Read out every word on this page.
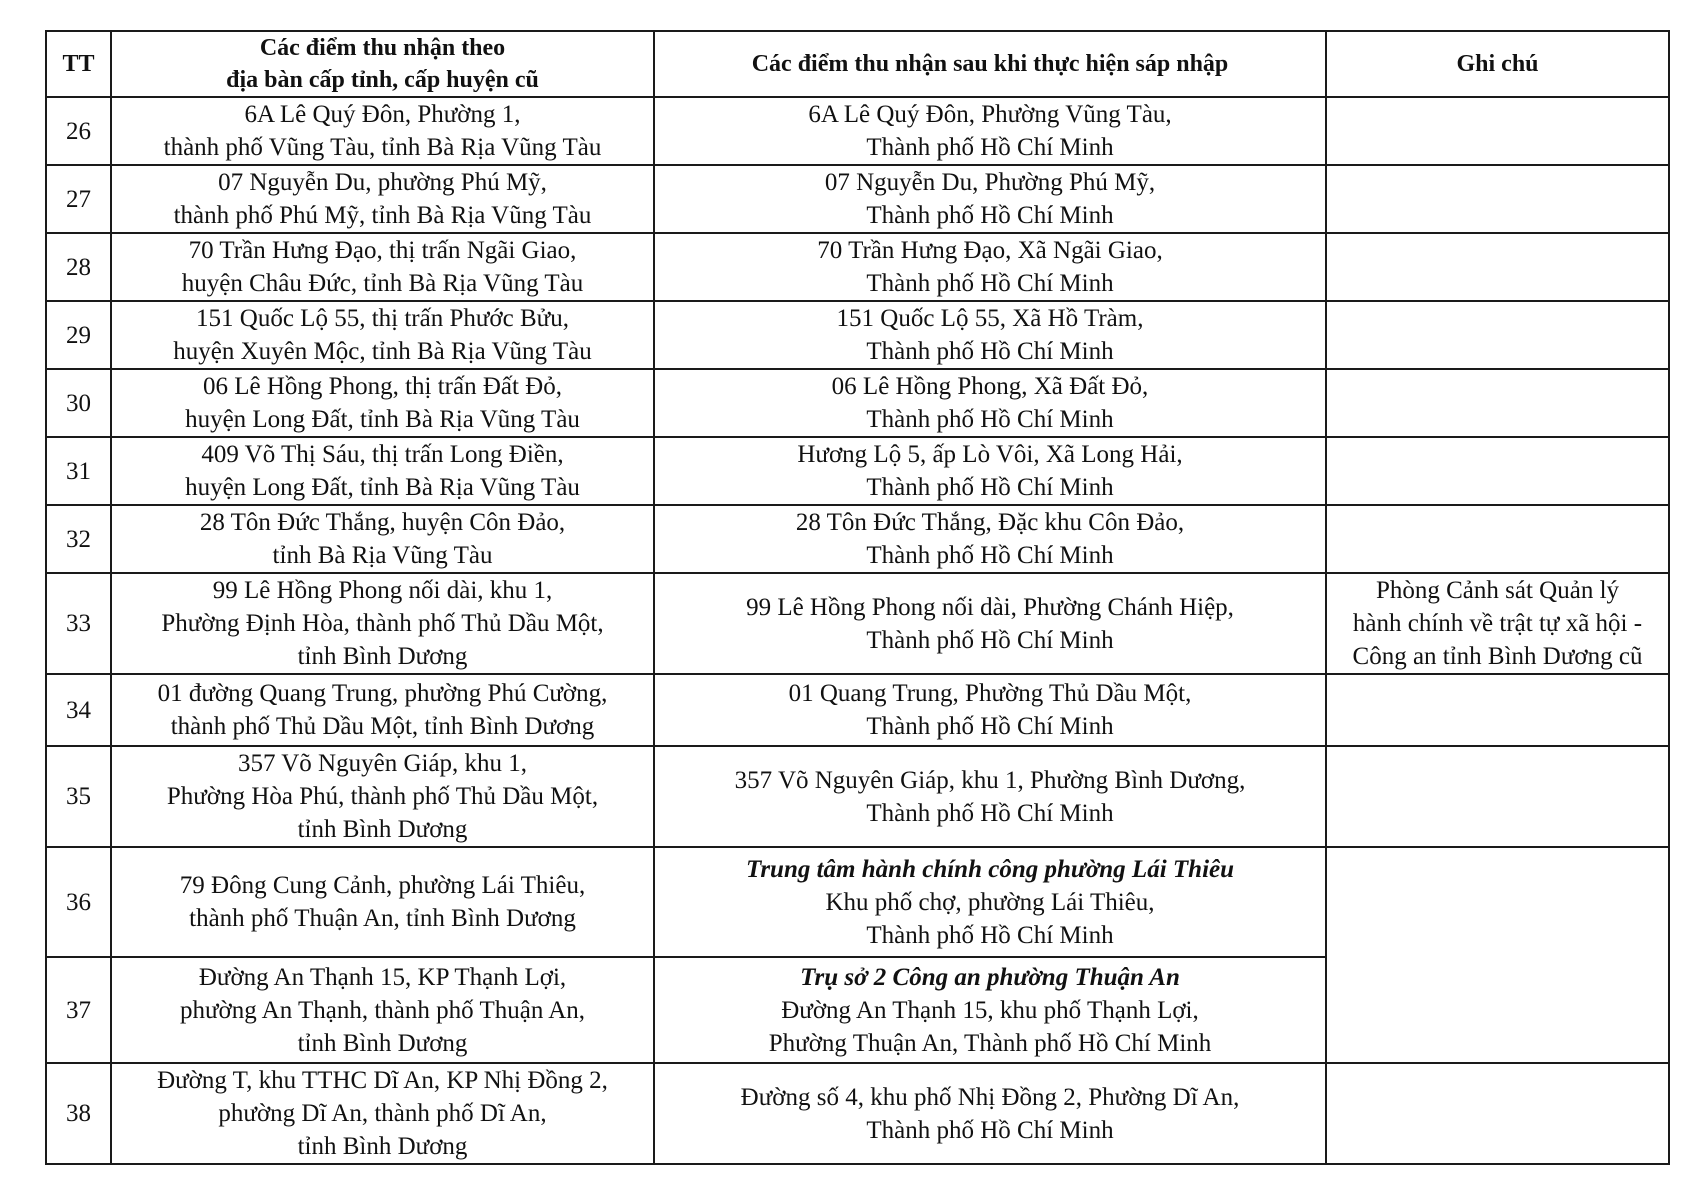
TT	Các điểm thu nhận theo
địa bàn cấp tỉnh, cấp huyện cũ	Các điểm thu nhận sau khi thực hiện sáp nhập	Ghi chú
26	6A Lê Quý Đôn, Phường 1,
thành phố Vũng Tàu, tỉnh Bà Rịa Vũng Tàu	6A Lê Quý Đôn, Phường Vũng Tàu,
Thành phố Hồ Chí Minh	

27	07 Nguyễn Du, phường Phú Mỹ,
thành phố Phú Mỹ, tỉnh Bà Rịa Vũng Tàu	07 Nguyễn Du, Phường Phú Mỹ,
Thành phố Hồ Chí Minh	

28	70 Trần Hưng Đạo, thị trấn Ngãi Giao,
huyện Châu Đức, tỉnh Bà Rịa Vũng Tàu	70 Trần Hưng Đạo, Xã Ngãi Giao,
Thành phố Hồ Chí Minh	

29	151 Quốc Lộ 55, thị trấn Phước Bửu,
huyện Xuyên Mộc, tỉnh Bà Rịa Vũng Tàu	151 Quốc Lộ 55, Xã Hồ Tràm,
Thành phố Hồ Chí Minh	

30	06 Lê Hồng Phong, thị trấn Đất Đỏ,
huyện Long Đất, tỉnh Bà Rịa Vũng Tàu	06 Lê Hồng Phong, Xã Đất Đỏ,
Thành phố Hồ Chí Minh	

31	409 Võ Thị Sáu, thị trấn Long Điền,
huyện Long Đất, tỉnh Bà Rịa Vũng Tàu	Hương Lộ 5, ấp Lò Vôi, Xã Long Hải,
Thành phố Hồ Chí Minh	

32	28 Tôn Đức Thắng, huyện Côn Đảo,
tỉnh Bà Rịa Vũng Tàu	28 Tôn Đức Thắng, Đặc khu Côn Đảo,
Thành phố Hồ Chí Minh	

33	99 Lê Hồng Phong nối dài, khu 1,
Phường Định Hòa, thành phố Thủ Dầu Một,
tỉnh Bình Dương	99 Lê Hồng Phong nối dài, Phường Chánh Hiệp,
Thành phố Hồ Chí Minh	Phòng Cảnh sát Quản lý
hành chính về trật tự xã hội -
Công an tỉnh Bình Dương cũ

34	01 đường Quang Trung, phường Phú Cường,
thành phố Thủ Dầu Một, tỉnh Bình Dương	01 Quang Trung, Phường Thủ Dầu Một,
Thành phố Hồ Chí Minh	

35	357 Võ Nguyên Giáp, khu 1,
Phường Hòa Phú, thành phố Thủ Dầu Một,
tỉnh Bình Dương	357 Võ Nguyên Giáp, khu 1, Phường Bình Dương,
Thành phố Hồ Chí Minh	

36	79 Đông Cung Cảnh, phường Lái Thiêu,
thành phố Thuận An, tỉnh Bình Dương	Trung tâm hành chính công phường Lái Thiêu
Khu phố chợ, phường Lái Thiêu,
Thành phố Hồ Chí Minh	

37	Đường An Thạnh 15, KP Thạnh Lợi,
phường An Thạnh, thành phố Thuận An,
tỉnh Bình Dương	Trụ sở 2 Công an phường Thuận An
Đường An Thạnh 15, khu phố Thạnh Lợi,
Phường Thuận An, Thành phố Hồ Chí Minh	

38	Đường T, khu TTHC Dĩ An, KP Nhị Đồng 2,
phường Dĩ An, thành phố Dĩ An,
tỉnh Bình Dương	Đường số 4, khu phố Nhị Đồng 2, Phường Dĩ An,
Thành phố Hồ Chí Minh	
